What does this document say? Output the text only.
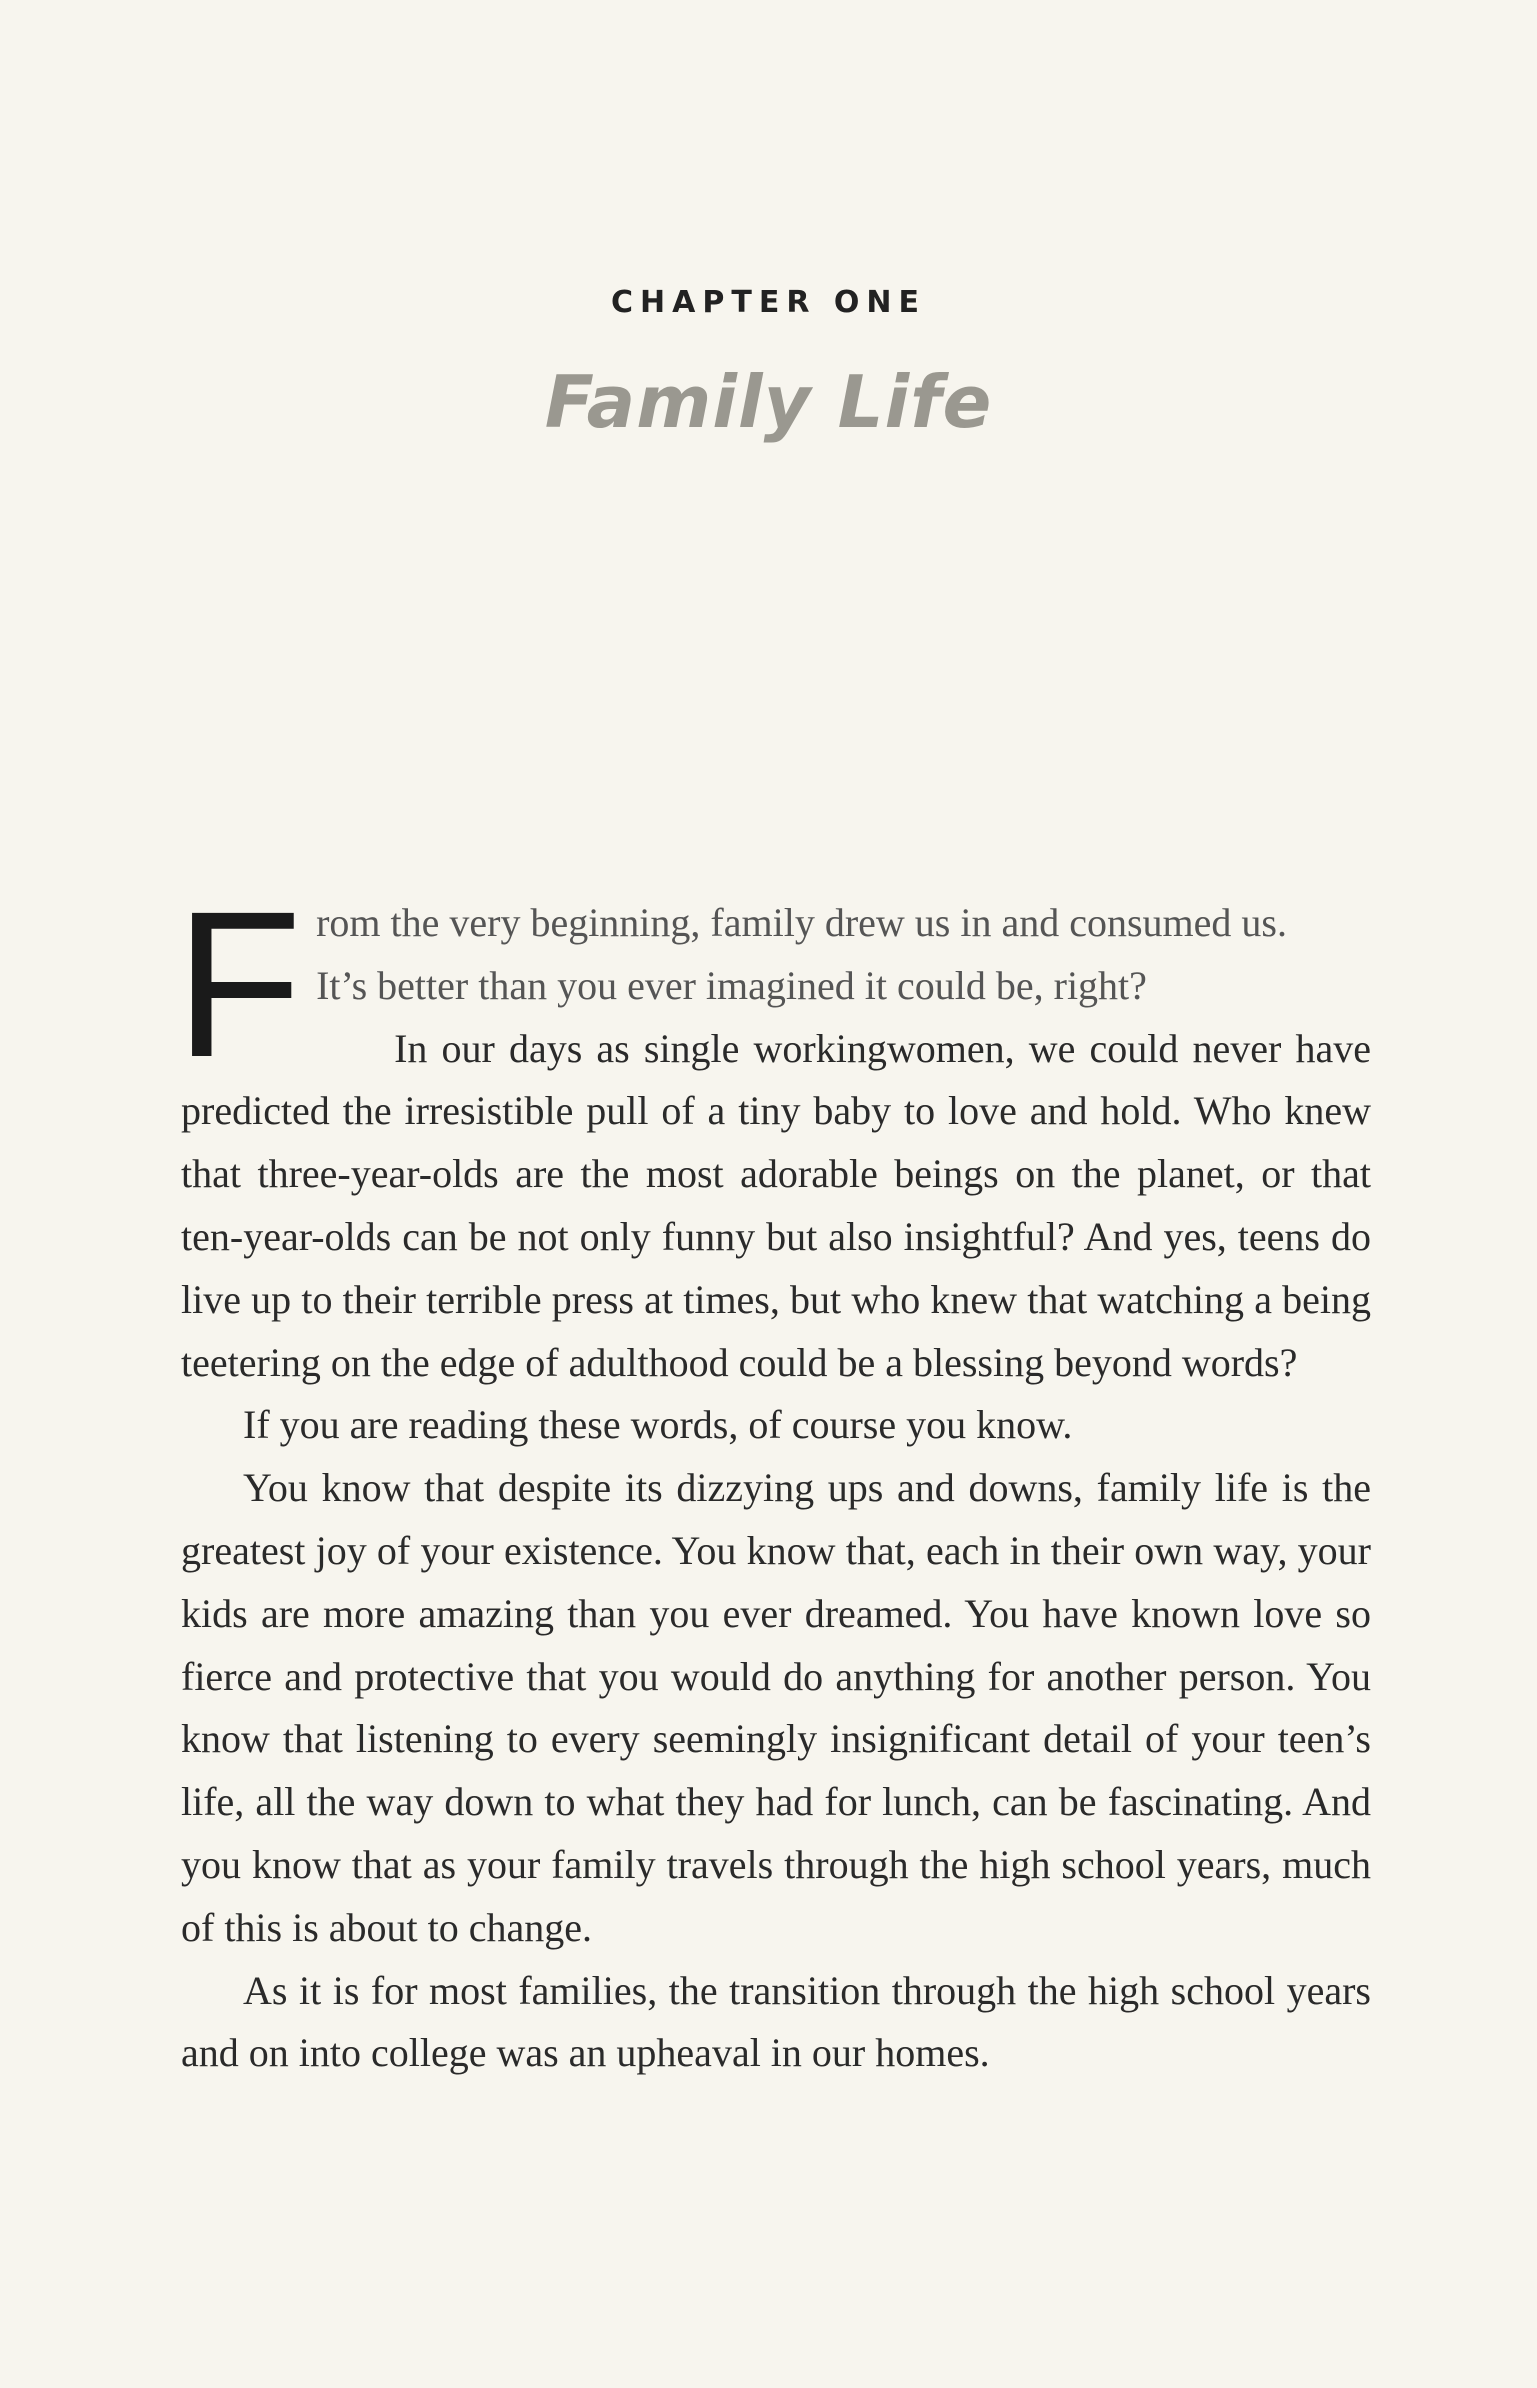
CHAPTER ONE
Family Life
F rom the very beginning, family drew us in and consumed us.
It’s better than you ever imagined it could be, right?

In our days as single workingwomen, we could never have predicted the irresistible pull of a tiny baby to love and hold. Who knew that three-year-olds are the most adorable beings on the planet, or that ten-year-olds can be not only funny but also insightful? And yes, teens do live up to their terrible press at times, but who knew that watching a being teetering on the edge of adulthood could be a blessing beyond words?

If you are reading these words, of course you know.

You know that despite its dizzying ups and downs, family life is the greatest joy of your existence. You know that, each in their own way, your kids are more amazing than you ever dreamed. You have known love so fierce and protective that you would do anything for another person. You know that listening to every seemingly insignificant detail of your teen’s life, all the way down to what they had for lunch, can be fascinating. And you know that as your family travels through the high school years, much of this is about to change.

As it is for most families, the transition through the high school years and on into college was an upheaval in our homes.
